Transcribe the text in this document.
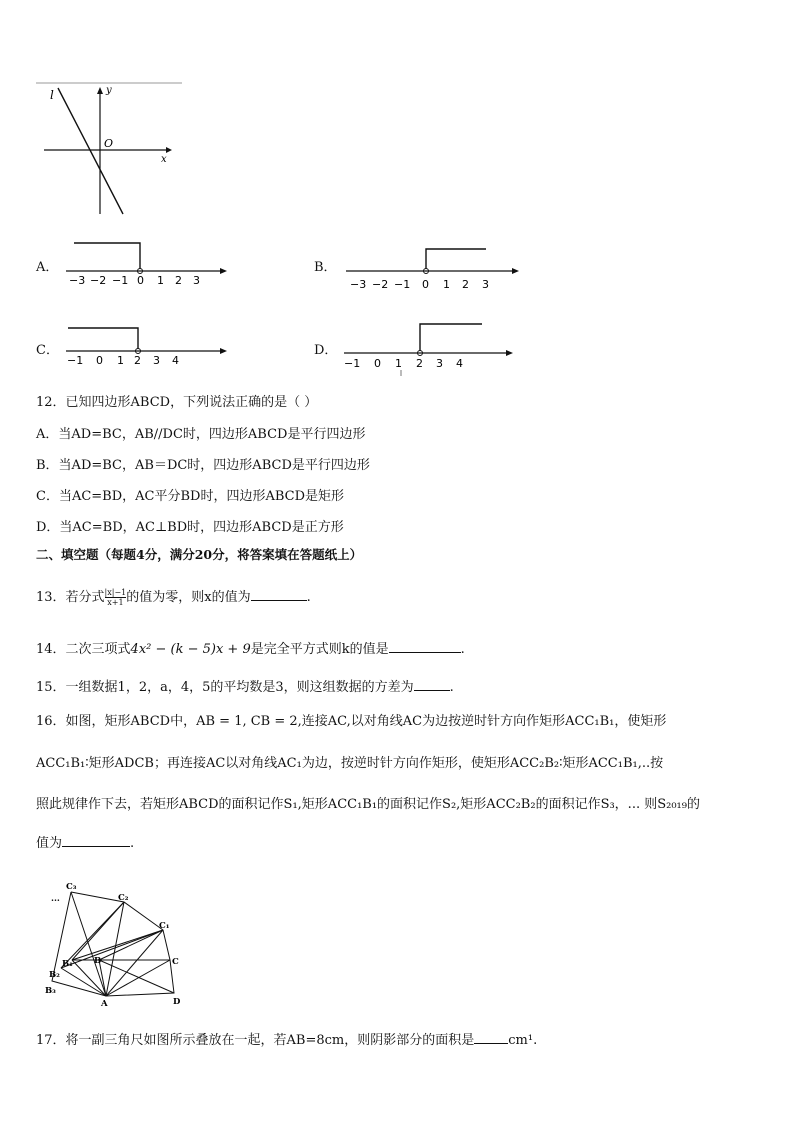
l	y
O
x
A．
−3 −2 −1 0 1 2 3
B．
−3 −2 −1 0 1 2 3
C．
−1 0 1 2 3 4
D．
−1 0 1 2 3 4
12．已知四边形ABCD，下列说法正确的是（ ）
A．当AD=BC，AB//DC时，四边形ABCD是平行四边形
B．当AD=BC，AB＝DC时，四边形ABCD是平行四边形
C．当AC=BD，AC平分BD时，四边形ABCD是矩形
D．当AC=BD，AC⊥BD时，四边形ABCD是正方形
二、填空题（每题4分，满分20分，将答案填在答题纸上）
13．若分式 $\frac{|x|-1}{x+1}$ 的值为零，则x的值为	.
14．二次三项式4x² − (k − 5)x + 9是完全平方式则k的值是	.
15．一组数据1，2，a，4，5的平均数是3，则这组数据的方差为	.
16．如图，矩形ABCD中，AB = 1, CB = 2,连接AC,以对角线AC为边按逆时针方向作矩形ACC₁B₁，使矩形
ACC₁B₁∶矩形ADCB；再连接AC以对角线AC₁为边，按逆时针方向作矩形，使矩形ACC₂B₂∶矩形ACC₁B₁,..按
照此规律作下去，若矩形ABCD的面积记作S₁,矩形ACC₁B₁的面积记作S₂,矩形ACC₂B₂的面积记作S₃，... 则S₂₀₁₉的
值为	.
C₃
C₂
C₁
C
B₁ B
B₂
B₃
A	D
...
17．将一副三角尺如图所示叠放在一起，若AB=8cm，则阴影部分的面积是	cm¹.
